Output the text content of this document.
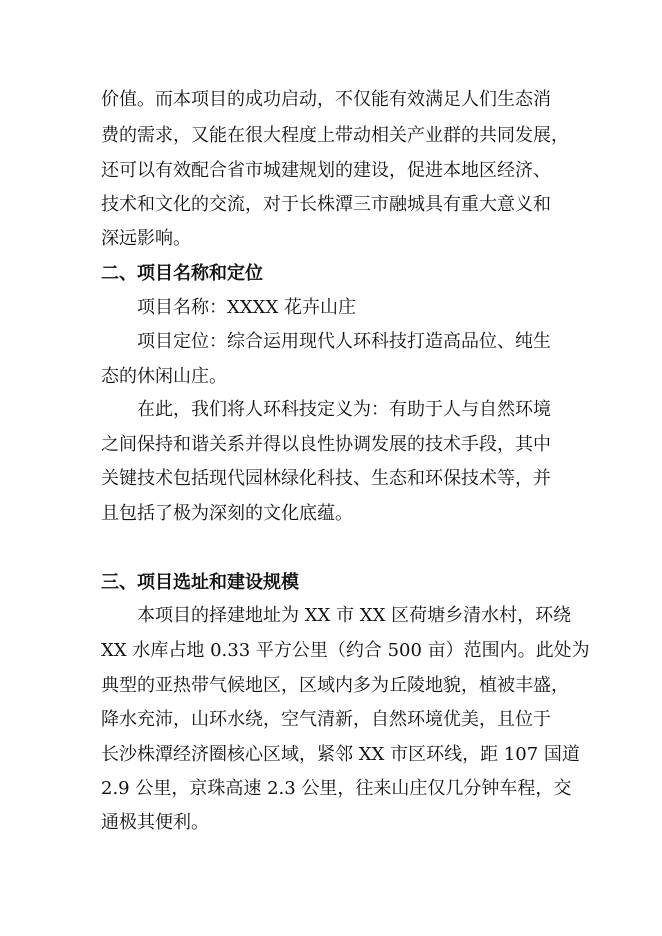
价值。而本项目的成功启动，不仅能有效满足人们生态消

费的需求，又能在很大程度上带动相关产业群的共同发展，

还可以有效配合省市城建规划的建设，促进本地区经济、

技术和文化的交流，对于长株潭三市融城具有重大意义和

深远影响。

二、项目名称和定位

项目名称：XXXX 花卉山庄

项目定位：综合运用现代人环科技打造高品位、纯生

态的休闲山庄。

在此，我们将人环科技定义为：有助于人与自然环境

之间保持和谐关系并得以良性协调发展的技术手段，其中

关键技术包括现代园林绿化科技、生态和环保技术等，并

且包括了极为深刻的文化底蕴。

三、项目选址和建设规模

本项目的择建地址为 XX 市 XX 区荷塘乡清水村，环绕

XX 水库占地 0.33 平方公里（约合 500 亩）范围内。此处为

典型的亚热带气候地区，区域内多为丘陵地貌，植被丰盛，

降水充沛，山环水绕，空气清新，自然环境优美，且位于

长沙株潭经济圈核心区域，紧邻 XX 市区环线，距 107 国道

2.9 公里，京珠高速 2.3 公里，往来山庄仅几分钟车程，交

通极其便利。
